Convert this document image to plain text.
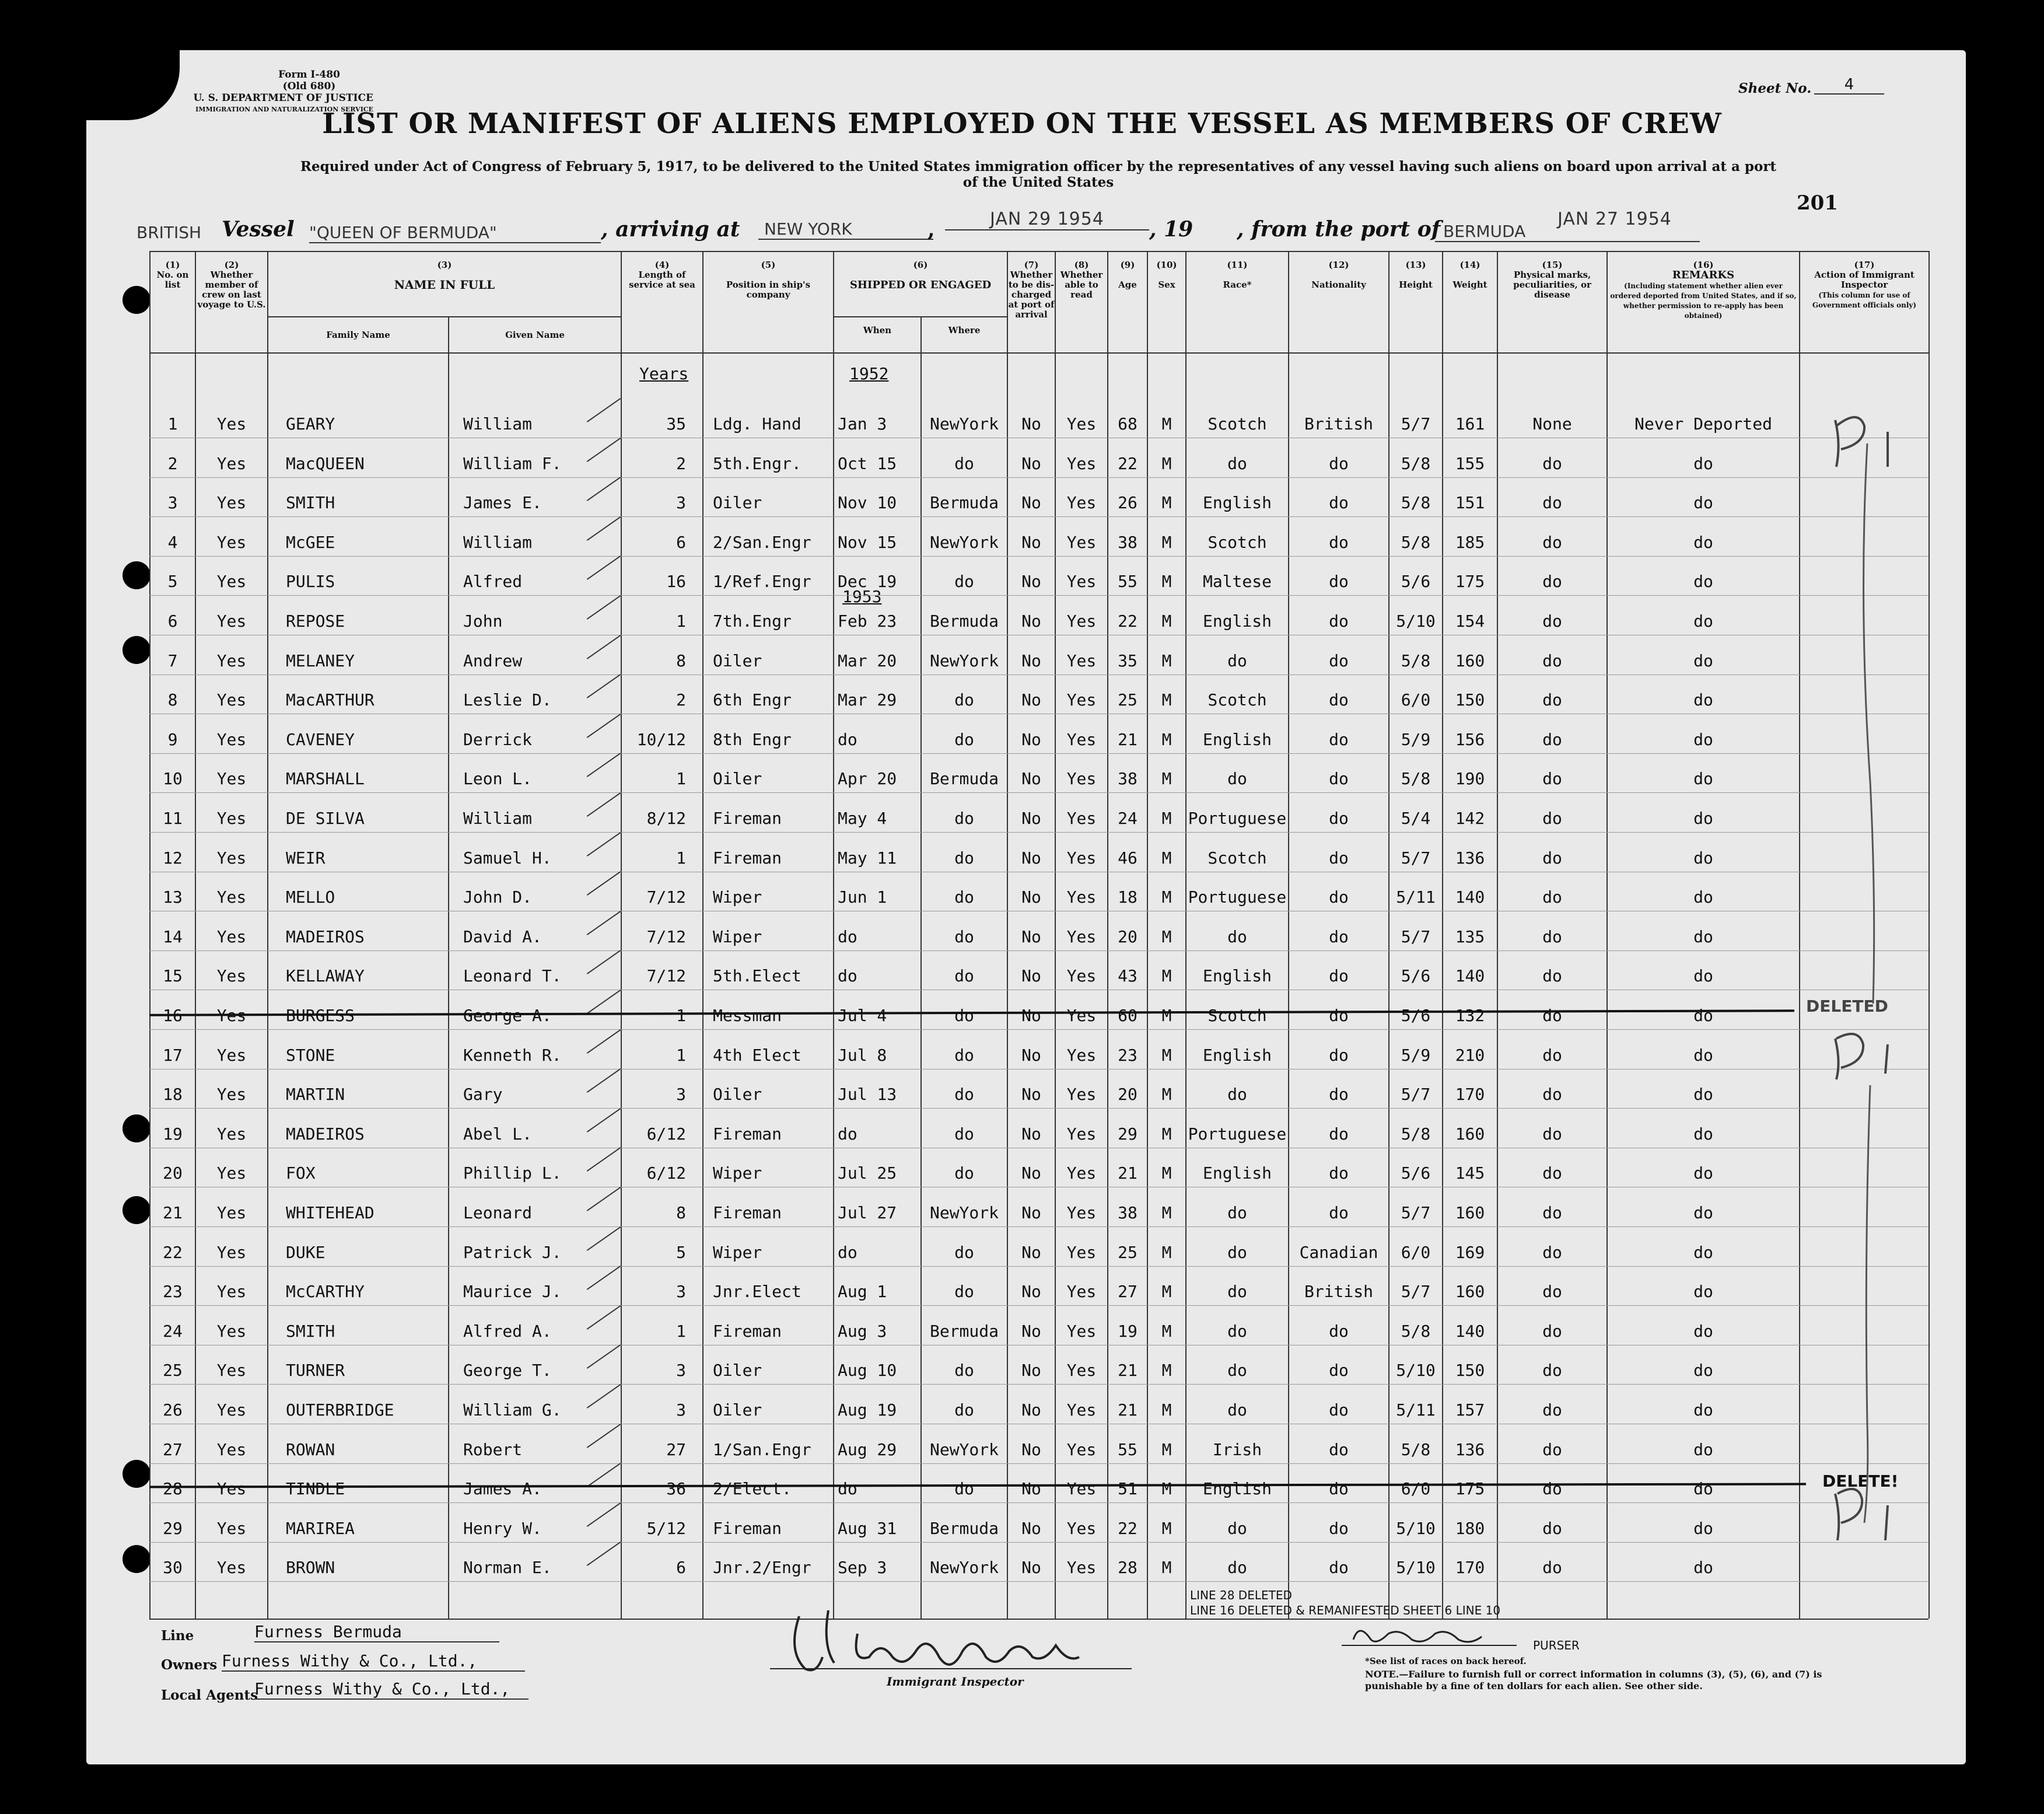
Form I-480
(Old 680)
U. S. DEPARTMENT OF JUSTICE
IMMIGRATION AND NATURALIZATION SERVICE
Sheet No.	4
LIST OR MANIFEST OF ALIENS EMPLOYED ON THE VESSEL AS MEMBERS OF CREW
Required under Act of Congress of February 5, 1917, to be delivered to the United States immigration officer by the representatives of any vessel having such aliens on board upon arrival at a port
of the United States
201
BRITISH Vessel "QUEEN OF BERMUDA"	, arriving at	NEW YORK	,	JAN 29 1954	, 19 , from the port of BERMUDA
JAN 27 1954
(1)
No. on list
(2)
Whether member of crew on last voyage to U.S.
(3)

NAME IN FULL
Family Name	Given Name
(4)
Length of service at sea
(5)

Position in ship's company
(6)

SHIPPED OR ENGAGED
When	Where
(7)
Whether to be dis-charged at port of arrival
(8)
Whether able to read
(9)

Age
(10)

Sex
(11)

Race*
(12)

Nationality
(13)

Height
(14)

Weight
(15)
Physical marks, peculiarities, or disease
(16)
REMARKS
(Including statement whether alien ever ordered deported from United States, and if so, whether permission to re-apply has been obtained)
(17)
Action of Immigrant Inspector
(This column for use of Government officials only)
Years	1952
1953
1	Yes	GEARY	William	35 Ldg. Hand	Jan 3	NewYork	No	Yes	68	M	Scotch	British	5/7	161	None	Never Deported
2	Yes	MacQUEEN	William F.	2 5th.Engr.	Oct 15	do	No	Yes	22	M	do	do	5/8	155	do	do
3	Yes	SMITH	James E.	3 Oiler	Nov 10	Bermuda	No	Yes	26	M	English	do	5/8	151	do	do
4	Yes	McGEE	William	6 2/San.Engr	Nov 15	NewYork	No	Yes	38	M	Scotch	do	5/8	185	do	do
5	Yes	PULIS	Alfred	16 1/Ref.Engr	Dec 19	do	No	Yes	55	M	Maltese	do	5/6	175	do	do
6	Yes	REPOSE	John	1 7th.Engr	Feb 23	Bermuda	No	Yes	22	M	English	do	5/10	154	do	do
7	Yes	MELANEY	Andrew	8 Oiler	Mar 20	NewYork	No	Yes	35	M	do	do	5/8	160	do	do
8	Yes	MacARTHUR	Leslie D.	2 6th Engr	Mar 29	do	No	Yes	25	M	Scotch	do	6/0	150	do	do
9	Yes	CAVENEY	Derrick	10/12 8th Engr	do	do	No	Yes	21	M	English	do	5/9	156	do	do
10	Yes	MARSHALL	Leon L.	1 Oiler	Apr 20	Bermuda	No	Yes	38	M	do	do	5/8	190	do	do
11	Yes	DE SILVA	William	8/12 Fireman	May 4	do	No	Yes	24	M	Portuguese	do	5/4	142	do	do
12	Yes	WEIR	Samuel H.	1 Fireman	May 11	do	No	Yes	46	M	Scotch	do	5/7	136	do	do
13	Yes	MELLO	John D.	7/12 Wiper	Jun 1	do	No	Yes	18	M	Portuguese	do	5/11	140	do	do
14	Yes	MADEIROS	David A.	7/12 Wiper	do	do	No	Yes	20	M	do	do	5/7	135	do	do
15	Yes	KELLAWAY	Leonard T.	7/12 5th.Elect	do	do	No	Yes	43	M	English	do	5/6	140	do	do
16	Yes	BURGESS	George A.	1 Messman	Jul 4	do	No	Yes	60	M	Scotch	do	5/6	132	do	do
17	Yes	STONE	Kenneth R.	1 4th Elect	Jul 8	do	No	Yes	23	M	English	do	5/9	210	do	do
18	Yes	MARTIN	Gary	3 Oiler	Jul 13	do	No	Yes	20	M	do	do	5/7	170	do	do
19	Yes	MADEIROS	Abel L.	6/12 Fireman	do	do	No	Yes	29	M	Portuguese	do	5/8	160	do	do
20	Yes	FOX	Phillip L.	6/12 Wiper	Jul 25	do	No	Yes	21	M	English	do	5/6	145	do	do
21	Yes	WHITEHEAD	Leonard	8 Fireman	Jul 27	NewYork	No	Yes	38	M	do	do	5/7	160	do	do
22	Yes	DUKE	Patrick J.	5 Wiper	do	do	No	Yes	25	M	do	Canadian	6/0	169	do	do
23	Yes	McCARTHY	Maurice J.	3 Jnr.Elect	Aug 1	do	No	Yes	27	M	do	British	5/7	160	do	do
24	Yes	SMITH	Alfred A.	1 Fireman	Aug 3	Bermuda	No	Yes	19	M	do	do	5/8	140	do	do
25	Yes	TURNER	George T.	3 Oiler	Aug 10	do	No	Yes	21	M	do	do	5/10	150	do	do
26	Yes	OUTERBRIDGE	William G.	3 Oiler	Aug 19	do	No	Yes	21	M	do	do	5/11	157	do	do
27	Yes	ROWAN	Robert	27 1/San.Engr	Aug 29	NewYork	No	Yes	55	M	Irish	do	5/8	136	do	do
28	Yes	TINDLE	James A.	36 2/Elect.	do	do	No	Yes	51	M	English	do	6/0	175	do	do
29	Yes	MARIREA	Henry W.	5/12 Fireman	Aug 31	Bermuda	No	Yes	22	M	do	do	5/10	180	do	do
30	Yes	BROWN	Norman E.	6 Jnr.2/Engr	Sep 3	NewYork	No	Yes	28	M	do	do	5/10	170	do	do
DELETED
DELETE!
Line	Furness Bermuda
Owners Furness Withy & Co., Ltd.,
Local Agents
Furness Withy & Co., Ltd.,	Immigrant Inspector
LINE 28 DELETED
LINE 16 DELETED & REMANIFESTED SHEET 6 LINE 10
PURSER
*See list of races on back hereof.
NOTE.—Failure to furnish full or correct information in columns (3), (5), (6), and (7) is punishable by a fine of ten dollars for each alien. See other side.
